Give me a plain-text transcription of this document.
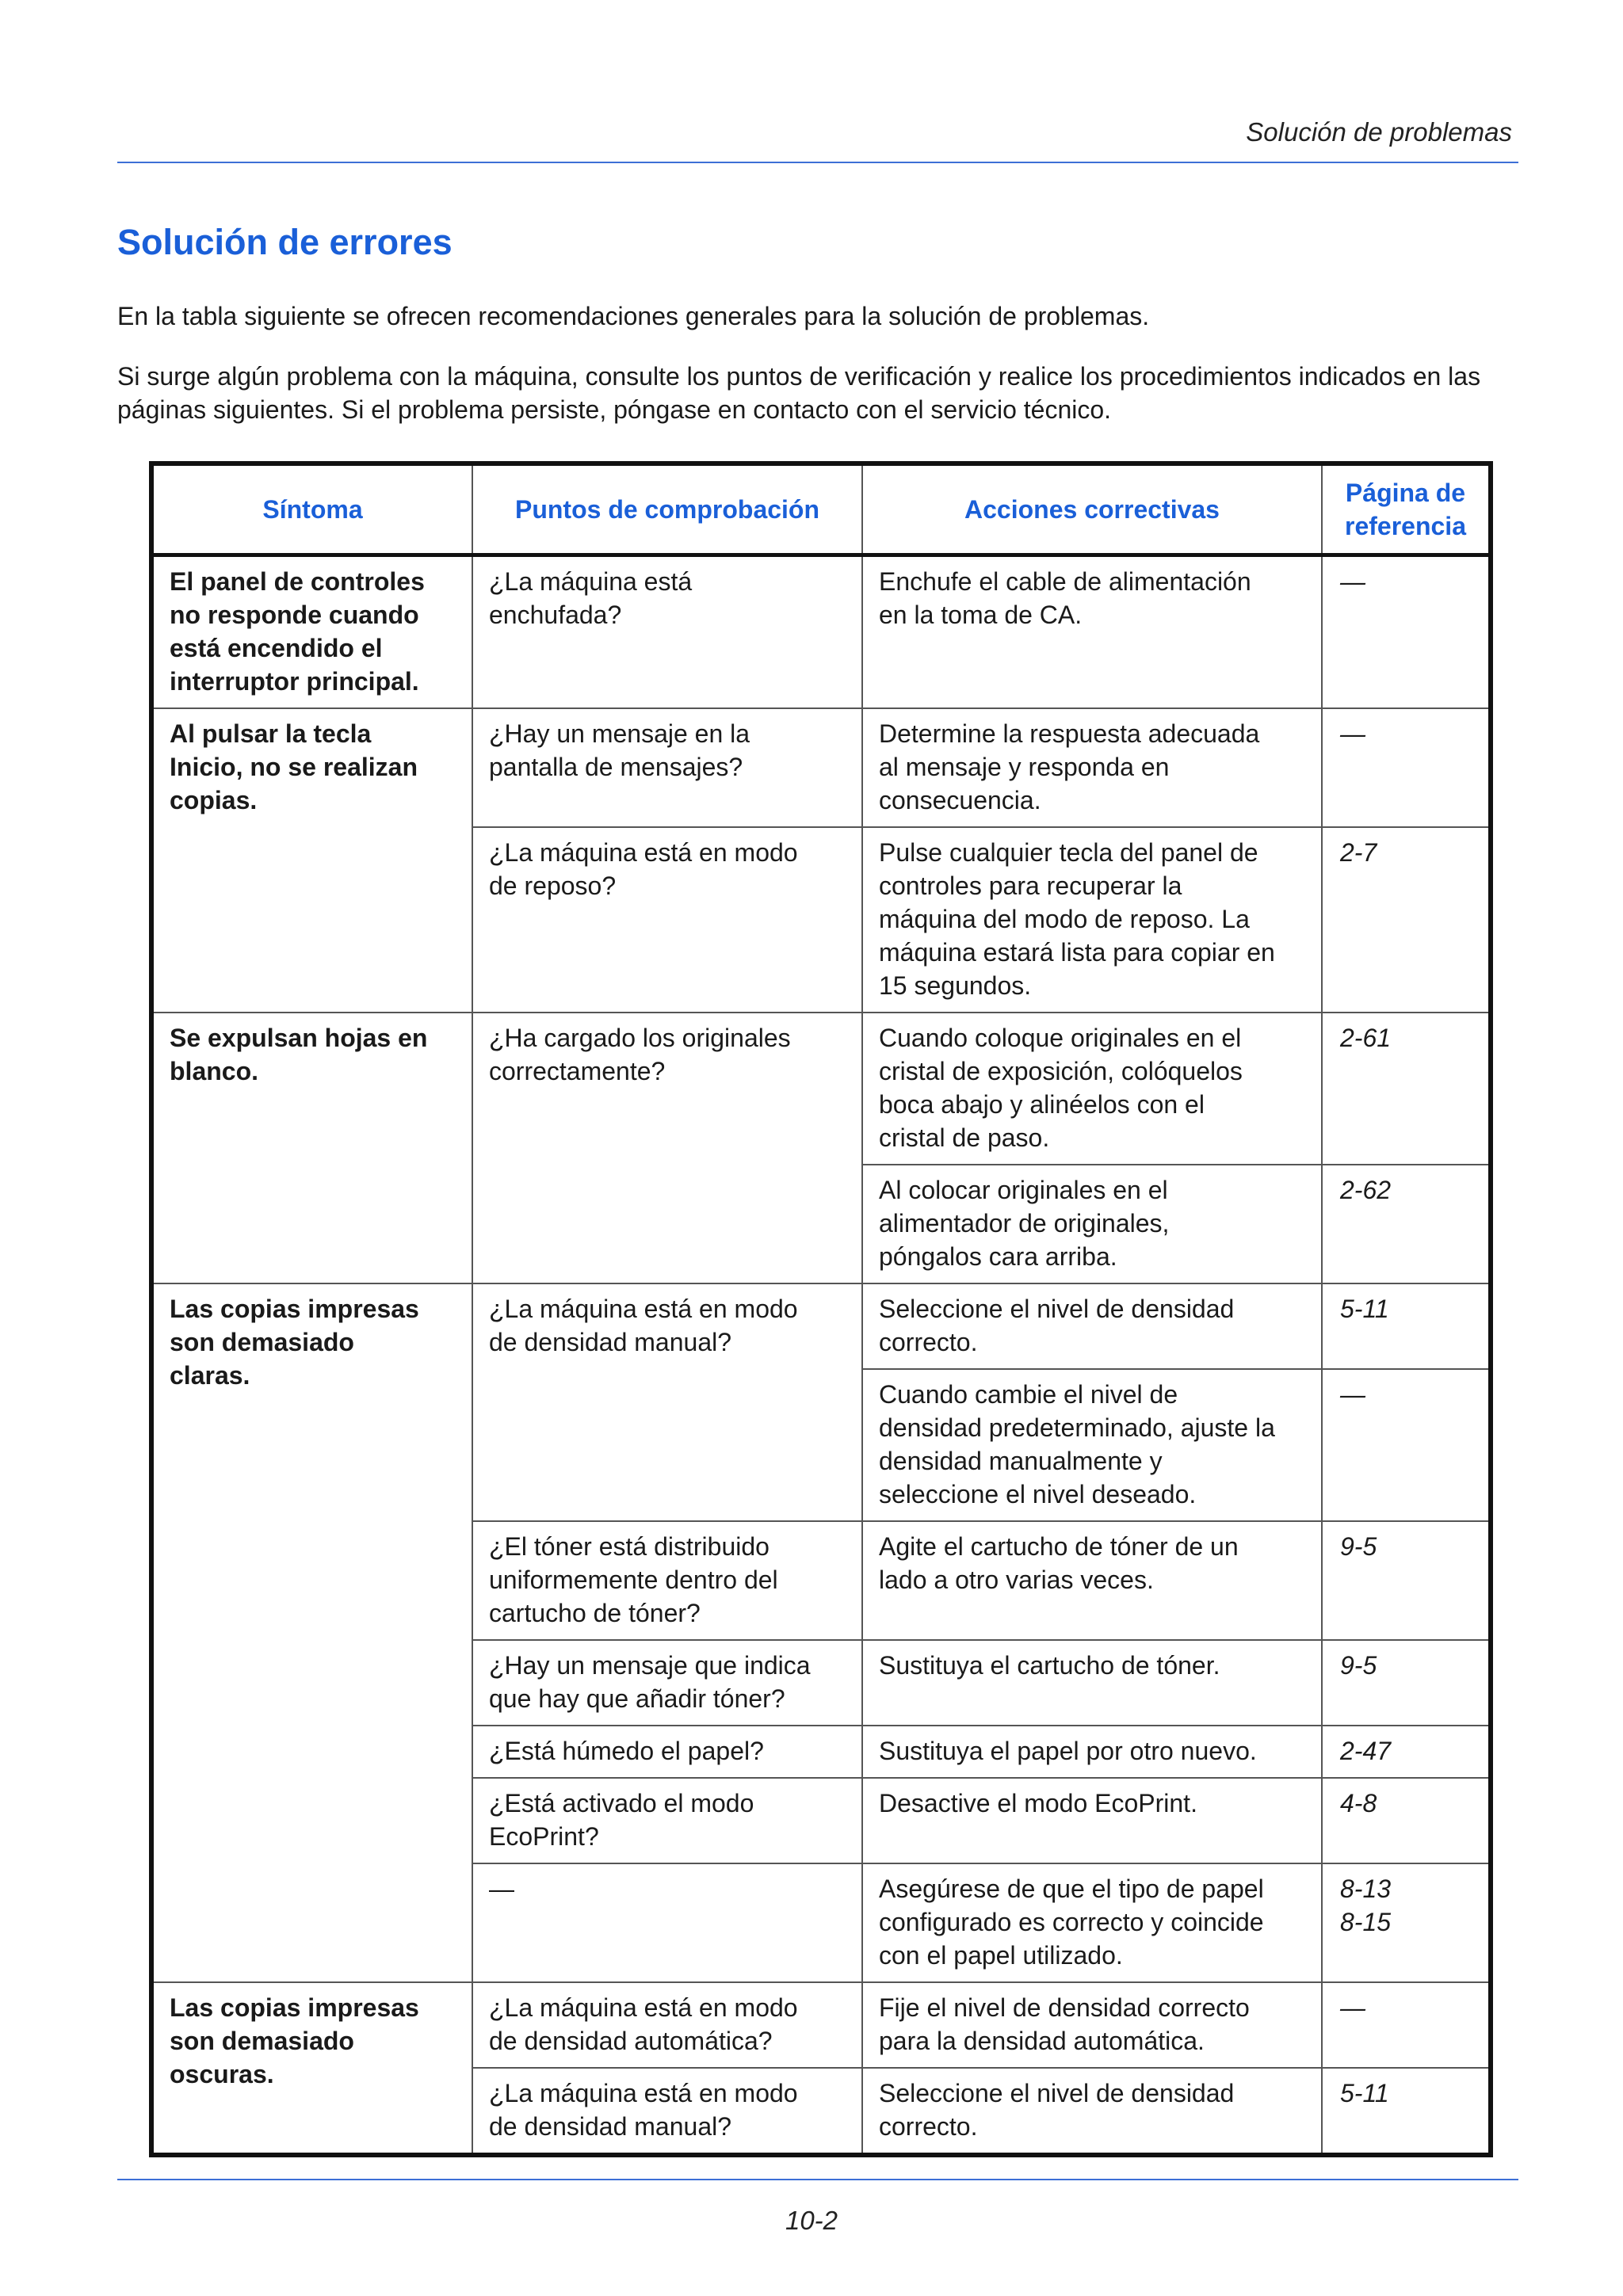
Solución de problemas
Solución de errores

En la tabla siguiente se ofrecen recomendaciones generales para la solución de problemas.

Si surge algún problema con la máquina, consulte los puntos de verificación y realice los procedimientos indicados en las páginas siguientes. Si el problema persiste, póngase en contacto con el servicio técnico.

Síntoma	Puntos de comprobación	Acciones correctivas	Página de
referencia
El panel de controles
no responde cuando
está encendido el
interruptor principal.	¿La máquina está
enchufada?	Enchufe el cable de alimentación
en la toma de CA.	—
Al pulsar la tecla
Inicio, no se realizan
copias.	¿Hay un mensaje en la
pantalla de mensajes?	Determine la respuesta adecuada
al mensaje y responda en
consecuencia.	—
	¿La máquina está en modo
de reposo?	Pulse cualquier tecla del panel de
controles para recuperar la
máquina del modo de reposo. La
máquina estará lista para copiar en
15 segundos.	2-7
Se expulsan hojas en
blanco.	¿Ha cargado los originales
correctamente?	Cuando coloque originales en el
cristal de exposición, colóquelos
boca abajo y alinéelos con el
cristal de paso.	2-61
		Al colocar originales en el
alimentador de originales,
póngalos cara arriba.	2-62
Las copias impresas
son demasiado
claras.	¿La máquina está en modo
de densidad manual?	Seleccione el nivel de densidad
correcto.	5-11
		Cuando cambie el nivel de
densidad predeterminado, ajuste la
densidad manualmente y
seleccione el nivel deseado.	—
	¿El tóner está distribuido
uniformemente dentro del
cartucho de tóner?	Agite el cartucho de tóner de un
lado a otro varias veces.	9-5
	¿Hay un mensaje que indica
que hay que añadir tóner?	Sustituya el cartucho de tóner.	9-5
	¿Está húmedo el papel?	Sustituya el papel por otro nuevo.	2-47
	¿Está activado el modo
EcoPrint?	Desactive el modo EcoPrint.	4-8
	—	Asegúrese de que el tipo de papel
configurado es correcto y coincide
con el papel utilizado.	8-13
8-15
Las copias impresas
son demasiado
oscuras.	¿La máquina está en modo
de densidad automática?	Fije el nivel de densidad correcto
para la densidad automática.	—
	¿La máquina está en modo
de densidad manual?	Seleccione el nivel de densidad
correcto.	5-11
10-2
